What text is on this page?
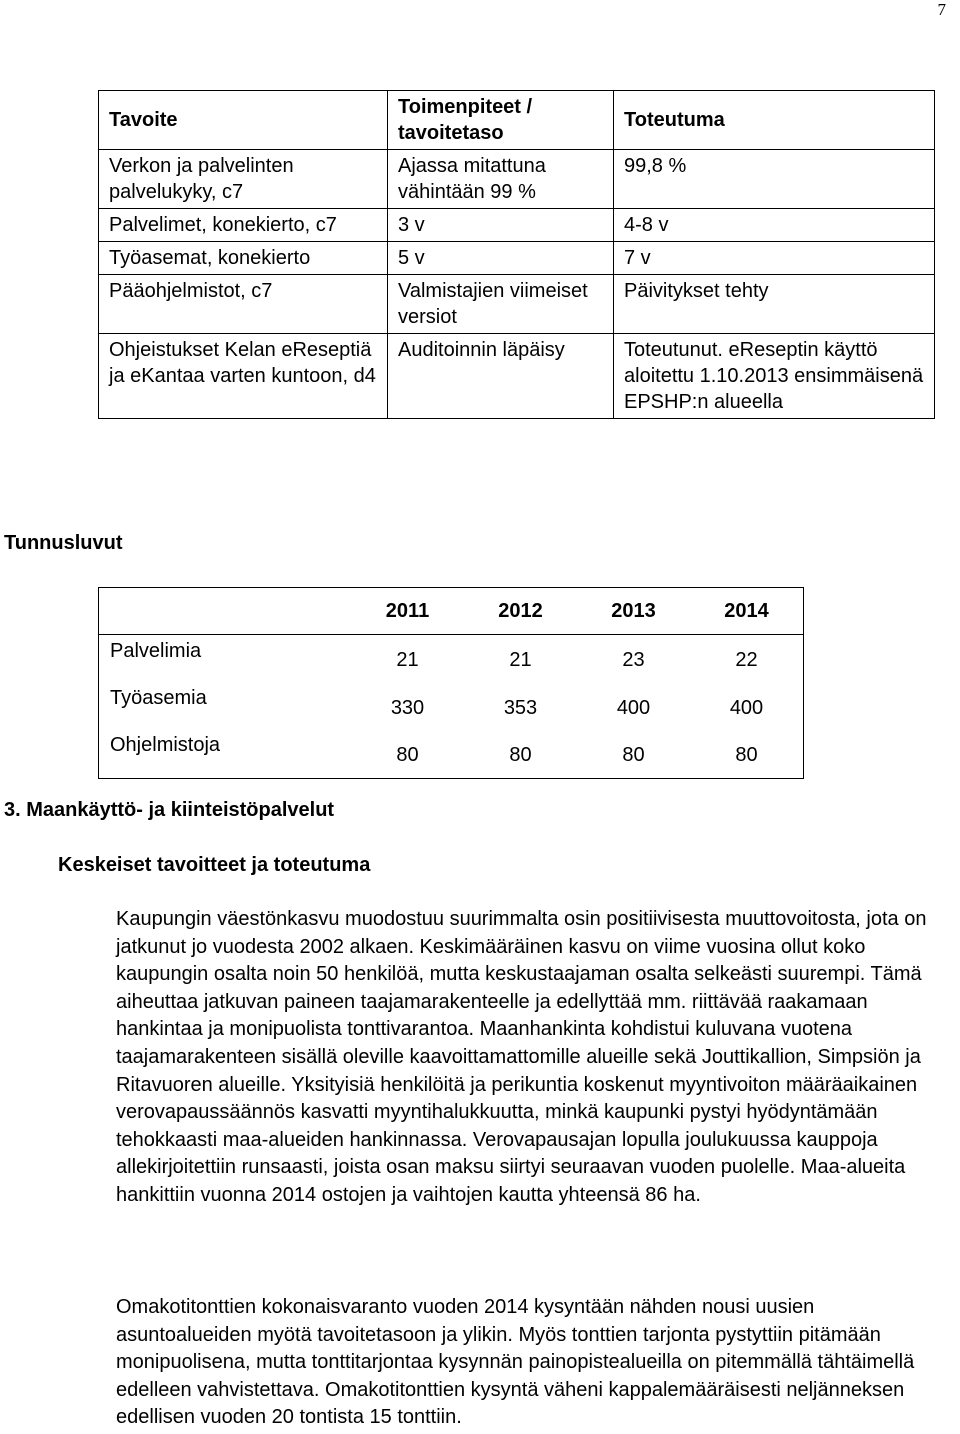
7
Tavoite	Toimenpiteet / tavoitetaso	Toteutuma
Verkon ja palvelinten palvelukyky, c7	Ajassa mitattuna vähintään 99 %	99,8 %
Palvelimet, konekierto, c7	3 v	4-8 v
Työasemat, konekierto	5 v	7 v
Pääohjelmistot, c7	Valmistajien viimeiset versiot	Päivitykset tehty
Ohjeistukset Kelan eReseptiä ja eKantaa varten kuntoon, d4	Auditoinnin läpäisy	Toteutunut. eReseptin käyttö aloitettu 1.10.2013 ensimmäisenä EPSHP:n alueella
Tunnusluvut
	2011	2012	2013	2014
Palvelimia	21	21	23	22
Työasemia	330	353	400	400
Ohjelmistoja	80	80	80	80
3. Maankäyttö- ja kiinteistöpalvelut
Keskeiset tavoitteet ja toteutuma
Kaupungin väestönkasvu muodostuu suurimmalta osin positiivisesta muuttovoitosta, jota on jatkunut jo vuodesta 2002 alkaen. Keskimääräinen kasvu on viime vuosina ollut koko kaupungin osalta noin 50 henkilöä, mutta keskustaajaman osalta selkeästi suurempi. Tämä aiheuttaa jatkuvan paineen taajamarakenteelle ja edellyttää mm. riittävää raakamaan hankintaa ja monipuolista tonttivarantoa. Maanhankinta kohdistui kuluvana vuotena taajamarakenteen sisällä oleville kaavoittamattomille alueille sekä Jouttikallion, Simpsiön ja Ritavuoren alueille. Yksityisiä henkilöitä ja perikuntia koskenut myyntivoiton määräaikainen verovapaussäännös kasvatti myyntihalukkuutta, minkä kaupunki pystyi hyödyntämään tehokkaasti maa-alueiden hankinnassa. Verovapausajan lopulla joulukuussa kauppoja allekirjoitettiin runsaasti, joista osan maksu siirtyi seuraavan vuoden puolelle. Maa-alueita hankittiin vuonna 2014 ostojen ja vaihtojen kautta yhteensä 86 ha.
Omakotitonttien kokonaisvaranto vuoden 2014 kysyntään nähden nousi uusien asuntoalueiden myötä tavoitetasoon ja ylikin. Myös tonttien tarjonta pystyttiin pitämään monipuolisena, mutta tonttitarjontaa kysynnän painopistealueilla on pitemmällä tähtäimellä edelleen vahvistettava. Omakotitonttien kysyntä väheni kappalemääräisesti neljänneksen edellisen vuoden 20 tontista 15 tonttiin.
